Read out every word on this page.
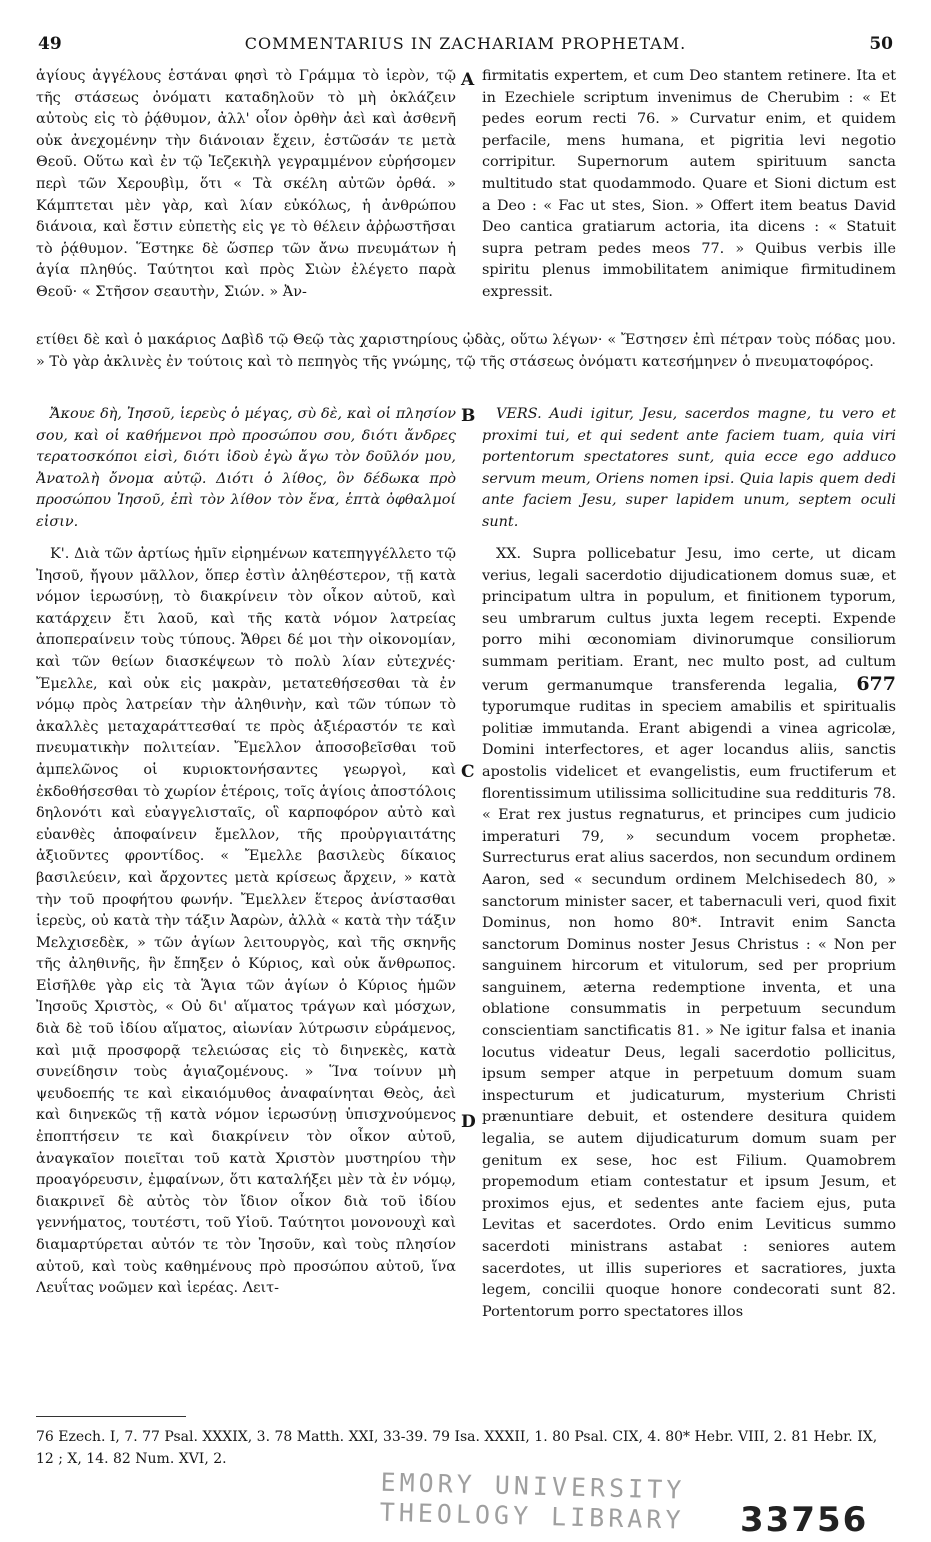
49	COMMENTARIUS IN ZACHARIAM PROPHETAM.	50
A
B
C
D

ἁγίους ἀγγέλους ἑστάναι φησὶ τὸ Γράμμα τὸ ἱερὸν, τῷ τῆς στάσεως ὀνόματι καταδηλοῦν τὸ μὴ ὀκλάζειν αὐτοὺς εἰς τὸ ῥᾴθυμον, ἀλλ' οἷον ὀρθὴν ἀεὶ καὶ ἀσθενῆ οὐκ ἀνεχομένην τὴν διάνοιαν ἔχειν, ἑστῶσάν τε μετὰ Θεοῦ. Οὕτω καὶ ἐν τῷ Ἰεζεκιὴλ γεγραμμένον εὑρήσομεν περὶ τῶν Χερουβὶμ, ὅτι « Τὰ σκέλη αὐτῶν ὀρθά. » Κάμπτεται μὲν γὰρ, καὶ λίαν εὐκόλως, ἡ ἀνθρώπου διάνοια, καὶ ἔστιν εὐπετὴς εἰς γε τὸ θέλειν ἀῤῥωστῆσαι τὸ ῥᾴθυμον. Ἕστηκε δὲ ὥσπερ τῶν ἄνω πνευμάτων ἡ ἁγία πληθύς. Ταύτητοι καὶ πρὸς Σιὼν ἐλέγετο παρὰ Θεοῦ· « Στῆσον σεαυτὴν, Σιών. » Ἀν-

firmitatis expertem, et cum Deo stantem retinere. Ita et in Ezechiele scriptum invenimus de Cherubim : « Et pedes eorum recti 76. » Curvatur enim, et quidem perfacile, mens humana, et pigritia levi negotio corripitur. Supernorum autem spirituum sancta multitudo stat quodammodo. Quare et Sioni dictum est a Deo : « Fac ut stes, Sion. » Offert item beatus David Deo cantica gratiarum actoria, ita dicens : « Statuit supra petram pedes meos 77. » Quibus verbis ille spiritu plenus immobilitatem animique firmitudinem expressit.

ετίθει δὲ καὶ ὁ μακάριος Δαβὶδ τῷ Θεῷ τὰς χαριστηρίους ᾠδὰς, οὕτω λέγων· « Ἔστησεν ἐπὶ πέτραν τοὺς πόδας μου. » Τὸ γὰρ ἀκλινὲς ἐν τούτοις καὶ τὸ πεπηγὸς τῆς γνώμης, τῷ τῆς στάσεως ὀνόματι κατεσήμηνεν ὁ πνευματοφόρος.

Ἄκουε δὴ, Ἰησοῦ, ἱερεὺς ὁ μέγας, σὺ δὲ, καὶ οἱ πλησίον σου, καὶ οἱ καθήμενοι πρὸ προσώπου σου, διότι ἄνδρες τερατοσκόποι εἰσὶ, διότι ἰδοὺ ἐγὼ ἄγω τὸν δοῦλόν μου, Ἀνατολὴ ὄνομα αὐτῷ. Διότι ὁ λίθος, ὃν δέδωκα πρὸ προσώπου Ἰησοῦ, ἐπὶ τὸν λίθον τὸν ἕνα, ἑπτὰ ὀφθαλμοί εἰσιν.

VERS. Audi igitur, Jesu, sacerdos magne, tu vero et proximi tui, et qui sedent ante faciem tuam, quia viri portentorum spectatores sunt, quia ecce ego adduco servum meum, Oriens nomen ipsi. Quia lapis quem dedi ante faciem Jesu, super lapidem unum, septem oculi sunt.

Κ'. Διὰ τῶν ἀρτίως ἡμῖν εἰρημένων κατεπηγγέλλετο τῷ Ἰησοῦ, ἤγουν μᾶλλον, ὅπερ ἐστὶν ἀληθέστερον, τῇ κατὰ νόμον ἱερωσύνῃ, τὸ διακρίνειν τὸν οἶκον αὐτοῦ, καὶ κατάρχειν ἔτι λαοῦ, καὶ τῆς κατὰ νόμον λατρείας ἀποπεραίνειν τοὺς τύπους. Ἄθρει δέ μοι τὴν οἰκονομίαν, καὶ τῶν θείων διασκέψεων τὸ πολὺ λίαν εὐτεχνές· Ἔμελλε, καὶ οὐκ εἰς μακρὰν, μετατεθήσεσθαι τὰ ἐν νόμῳ πρὸς λατρείαν τὴν ἀληθινὴν, καὶ τῶν τύπων τὸ ἀκαλλὲς μεταχαράττεσθαί τε πρὸς ἀξιέραστόν τε καὶ πνευματικὴν πολιτείαν. Ἔμελλον ἀποσοβεῖσθαι τοῦ ἀμπελῶνος οἱ κυριοκτονήσαντες γεωργοὶ, καὶ ἐκδοθήσεσθαι τὸ χωρίον ἑτέροις, τοῖς ἁγίοις ἀποστόλοις δηλονότι καὶ εὐαγγελισταῖς, οἳ καρποφόρον αὐτὸ καὶ εὐανθὲς ἀποφαίνειν ἔμελλον, τῆς προὐργιαιτάτης ἀξιοῦντες φροντίδος. « Ἔμελλε βασιλεὺς δίκαιος βασιλεύειν, καὶ ἄρχοντες μετὰ κρίσεως ἄρχειν, » κατὰ τὴν τοῦ προφήτου φωνήν. Ἔμελλεν ἕτερος ἀνίστασθαι ἱερεὺς, οὐ κατὰ τὴν τάξιν Ἀαρὼν, ἀλλὰ « κατὰ τὴν τάξιν Μελχισεδὲκ, » τῶν ἁγίων λειτουργὸς, καὶ τῆς σκηνῆς τῆς ἀληθινῆς, ἣν ἔπηξεν ὁ Κύριος, καὶ οὐκ ἄνθρωπος. Εἰσῆλθε γὰρ εἰς τὰ Ἅγια τῶν ἁγίων ὁ Κύριος ἡμῶν Ἰησοῦς Χριστὸς, « Οὐ δι' αἵματος τράγων καὶ μόσχων, διὰ δὲ τοῦ ἰδίου αἵματος, αἰωνίαν λύτρωσιν εὑράμενος, καὶ μιᾷ προσφορᾷ τελειώσας εἰς τὸ διηνεκὲς, κατὰ συνείδησιν τοὺς ἁγιαζομένους. » Ἵνα τοίνυν μὴ ψευδοεπής τε καὶ εἰκαιόμυθος ἀναφαίνηται Θεὸς, ἀεὶ καὶ διηνεκῶς τῇ κατὰ νόμον ἱερωσύνῃ ὑπισχνούμενος ἐποπτήσειν τε καὶ διακρίνειν τὸν οἶκον αὐτοῦ, ἀναγκαῖον ποιεῖται τοῦ κατὰ Χριστὸν μυστηρίου τὴν προαγόρευσιν, ἐμφαίνων, ὅτι καταλήξει μὲν τὰ ἐν νόμῳ, διακρινεῖ δὲ αὐτὸς τὸν ἴδιον οἶκον διὰ τοῦ ἰδίου γεννήματος, τουτέστι, τοῦ Υἱοῦ. Ταύτητοι μονονουχὶ καὶ διαμαρτύρεται αὐτόν τε τὸν Ἰησοῦν, καὶ τοὺς πλησίον αὐτοῦ, καὶ τοὺς καθημένους πρὸ προσώπου αὐτοῦ, ἵνα Λευΐτας νοῶμεν καὶ ἱερέας. Λειτ-

XX. Supra pollicebatur Jesu, imo certe, ut dicam verius, legali sacerdotio dijudicationem domus suæ, et principatum ultra in populum, et finitionem typorum, seu umbrarum cultus juxta legem recepti. Expende porro mihi œconomiam divinorumque consiliorum summam peritiam. Erant, nec multo post, ad cultum verum germanumque transferenda legalia, 677 typorumque ruditas in speciem amabilis et spiritualis politiæ immutanda. Erant abigendi a vinea agricolæ, Domini interfectores, et ager locandus aliis, sanctis apostolis videlicet et evangelistis, eum fructiferum et florentissimum utilissima sollicitudine sua reddituris 78. « Erat rex justus regnaturus, et principes cum judicio imperaturi 79, » secundum vocem prophetæ. Surrecturus erat alius sacerdos, non secundum ordinem Aaron, sed « secundum ordinem Melchisedech 80, » sanctorum minister sacer, et tabernaculi veri, quod fixit Dominus, non homo 80*. Intravit enim Sancta sanctorum Dominus noster Jesus Christus : « Non per sanguinem hircorum et vitulorum, sed per proprium sanguinem, æterna redemptione inventa, et una oblatione consummatis in perpetuum secundum conscientiam sanctificatis 81. » Ne igitur falsa et inania locutus videatur Deus, legali sacerdotio pollicitus, ipsum semper atque in perpetuum domum suam inspecturum et judicaturum, mysterium Christi prænuntiare debuit, et ostendere desitura quidem legalia, se autem dijudicaturum domum suam per genitum ex sese, hoc est Filium. Quamobrem propemodum etiam contestatur et ipsum Jesum, et proximos ejus, et sedentes ante faciem ejus, puta Levitas et sacerdotes. Ordo enim Leviticus summo sacerdoti ministrans astabat : seniores autem sacerdotes, ut illis superiores et sacratiores, juxta legem, concilii quoque honore condecorati sunt 82. Portentorum porro spectatores illos

76 Ezech. I, 7. 77 Psal. XXXIX, 3. 78 Matth. XXI, 33-39. 79 Isa. XXXII, 1. 80 Psal. CIX, 4. 80* Hebr. VIII, 2. 81 Hebr. IX, 12 ; X, 14. 82 Num. XVI, 2.
EMORY UNIVERSITY
THEOLOGY LIBRARY	33756
